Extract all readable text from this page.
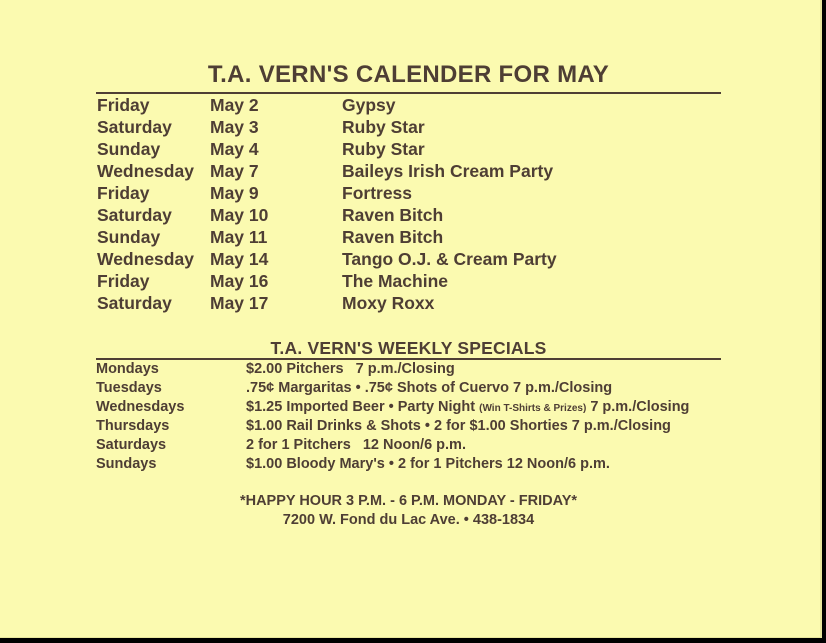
T.A. VERN'S CALENDER FOR MAY
Friday	May 2	Gypsy
Saturday May 3	Ruby Star
Sunday	May 4	Ruby Star
Wednesday May 7	Baileys Irish Cream Party
Friday	May 9	Fortress
Saturday May 10	Raven Bitch
Sunday	May 11	Raven Bitch
Wednesday May 14	Tango O.J. & Cream Party
Friday	May 16	The Machine
Saturday May 17	Moxy Roxx
T.A. VERN'S WEEKLY SPECIALS
Mondays	$2.00 Pitchers   7 p.m./Closing
Tuesdays	.75¢ Margaritas • .75¢ Shots of Cuervo 7 p.m./Closing
Wednesdays	$1.25 Imported Beer • Party Night (Win T-Shirts & Prizes) 7 p.m./Closing
Thursdays	$1.00 Rail Drinks & Shots • 2 for $1.00 Shorties 7 p.m./Closing
Saturdays	2 for 1 Pitchers   12 Noon/6 p.m.
Sundays	$1.00 Bloody Mary's • 2 for 1 Pitchers 12 Noon/6 p.m.
*HAPPY HOUR 3 P.M. - 6 P.M. MONDAY - FRIDAY*
7200 W. Fond du Lac Ave. • 438-1834
